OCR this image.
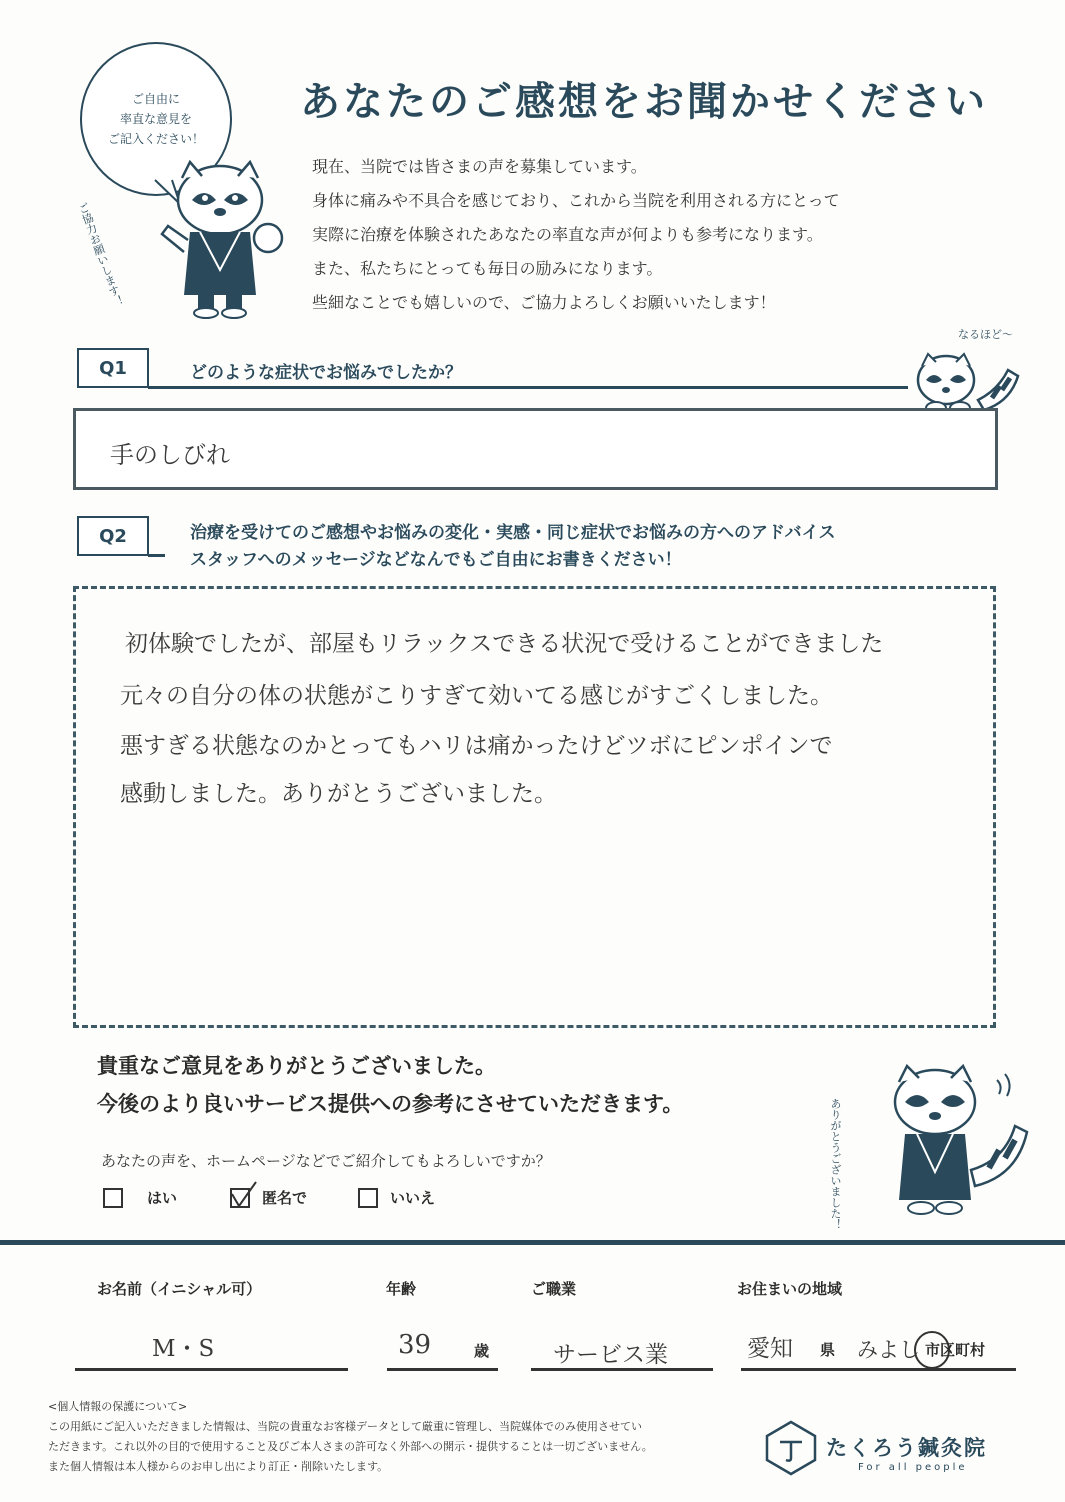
ご自由に
率直な意見を
ご記入ください！
ご協力お願いします！
あなたのご感想をお聞かせください
現在、当院では皆さまの声を募集しています。
身体に痛みや不具合を感じており、これから当院を利用される方にとって
実際に治療を体験されたあなたの率直な声が何よりも参考になります。
また、私たちにとっても毎日の励みになります。
些細なことでも嬉しいので、ご協力よろしくお願いいたします！
Q1	どのような症状でお悩みでしたか？
なるほど〜
手のしびれ
Q2	治療を受けてのご感想やお悩みの変化・実感・同じ症状でお悩みの方へのアドバイス
スタッフへのメッセージなどなんでもご自由にお書きください！
初体験でしたが、部屋もリラックスできる状況で受けることができました
元々の自分の体の状態がこりすぎて効いてる感じがすごくしました。
悪すぎる状態なのかとってもハリは痛かったけどツボにピンポインで
感動しました。ありがとうございました。
貴重なご意見をありがとうございました。
今後のより良いサービス提供への参考にさせていただきます。	ありがとうございました！
あなたの声を、ホームページなどでご紹介してもよろしいですか？
はい	匿名で	いいえ
お名前（イニシャル可）
M・S
年齢
39	歳
ご職業
サービス業
お住まいの地域
愛知 県 みよし 市区町村
<個人情報の保護について>
この用紙にご記入いただきました情報は、当院の貴重なお客様データとして厳重に管理し、当院媒体でのみ使用させてい
ただきます。これ以外の目的で使用すること及びご本人さまの許可なく外部への開示・提供することは一切ございません。
また個人情報は本人様からのお申し出により訂正・削除いたします。
たくろう鍼灸院
For all people
